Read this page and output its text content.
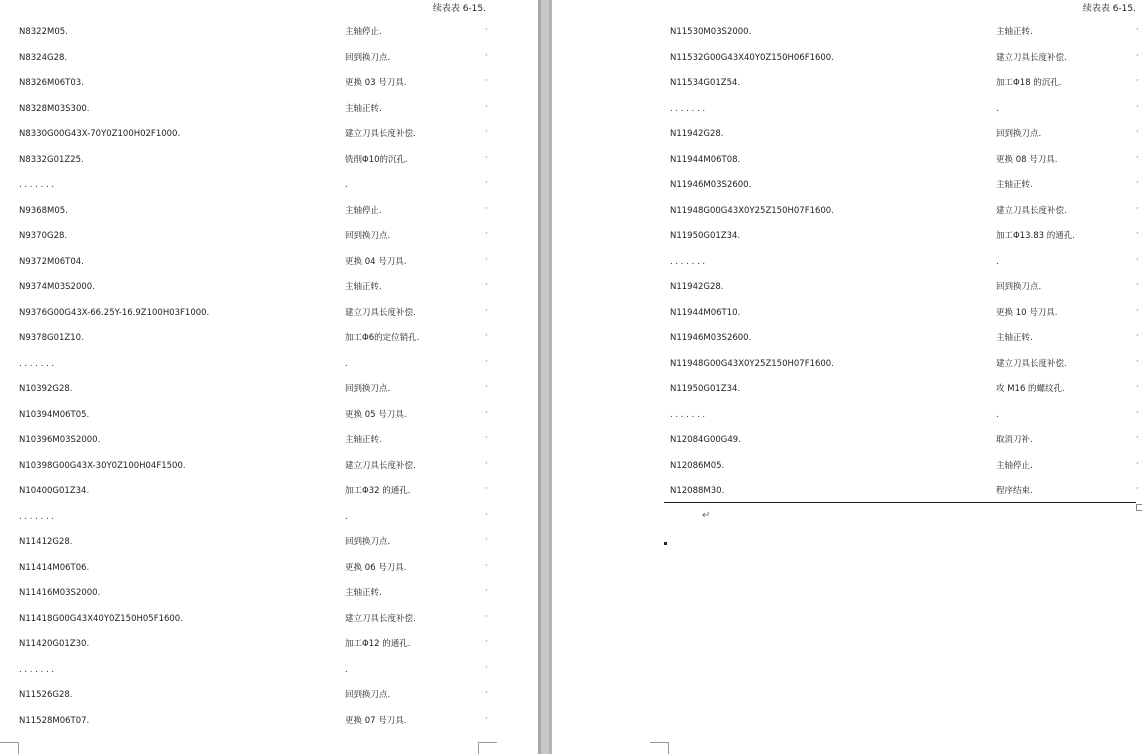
续表表 6-15.
N8322M05.	主轴停止.	ʼ
N8324G28.	回到换刀点.	ʼ
N8326M06T03.	更换 03 号刀具.	ʼ
N8328M03S300.	主轴正转.	ʼ
N8330G00G43X-70Y0Z100H02F1000.	建立刀具长度补偿.	ʼ
N8332G01Z25.	铣削Φ10的沉孔.	ʼ
. . . . . . .	.	ʼ
N9368M05.	主轴停止.	ʼ
N9370G28.	回到换刀点.	ʼ
N9372M06T04.	更换 04 号刀具.	ʼ
N9374M03S2000.	主轴正转.	ʼ
N9376G00G43X-66.25Y-16.9Z100H03F1000.	建立刀具长度补偿.	ʼ
N9378G01Z10.	加工Φ6的定位销孔.	ʼ
. . . . . . .	.	ʼ
N10392G28.	回到换刀点.	ʼ
N10394M06T05.	更换 05 号刀具.	ʼ
N10396M03S2000.	主轴正转.	ʼ
N10398G00G43X-30Y0Z100H04F1500.	建立刀具长度补偿.	ʼ
N10400G01Z34.	加工Φ32 的通孔.	ʼ
. . . . . . .	.	ʼ
N11412G28.	回到换刀点.	ʼ
N11414M06T06.	更换 06 号刀具.	ʼ
N11416M03S2000.	主轴正转.	ʼ
N11418G00G43X40Y0Z150H05F1600.	建立刀具长度补偿.	ʼ
N11420G01Z30.	加工Φ12 的通孔.	ʼ
. . . . . . .	.	ʼ
N11526G28.	回到换刀点.	ʼ
N11528M06T07.	更换 07 号刀具.	ʼ
续表表 6-15.
N11530M03S2000.	主轴正转.	ʼ
N11532G00G43X40Y0Z150H06F1600.	建立刀具长度补偿.	ʼ
N11534G01Z54.	加工Φ18 的沉孔.	ʼ
. . . . . . .	.	ʼ
N11942G28.	回到换刀点.	ʼ
N11944M06T08.	更换 08 号刀具.	ʼ
N11946M03S2600.	主轴正转.	ʼ
N11948G00G43X0Y25Z150H07F1600.	建立刀具长度补偿.	ʼ
N11950G01Z34.	加工Φ13.83 的通孔.	ʼ
. . . . . . .	.	ʼ
N11942G28.	回到换刀点.	ʼ
N11944M06T10.	更换 10 号刀具.	ʼ
N11946M03S2600.	主轴正转.	ʼ
N11948G00G43X0Y25Z150H07F1600.	建立刀具长度补偿.	ʼ
N11950G01Z34.	攻 M16 的螺纹孔.	ʼ
. . . . . . .	.	ʼ
N12084G00G49.	取消刀补.	ʼ
N12086M05.	主轴停止.	ʼ
N12088M30.	程序结束.	ʼ
↵
